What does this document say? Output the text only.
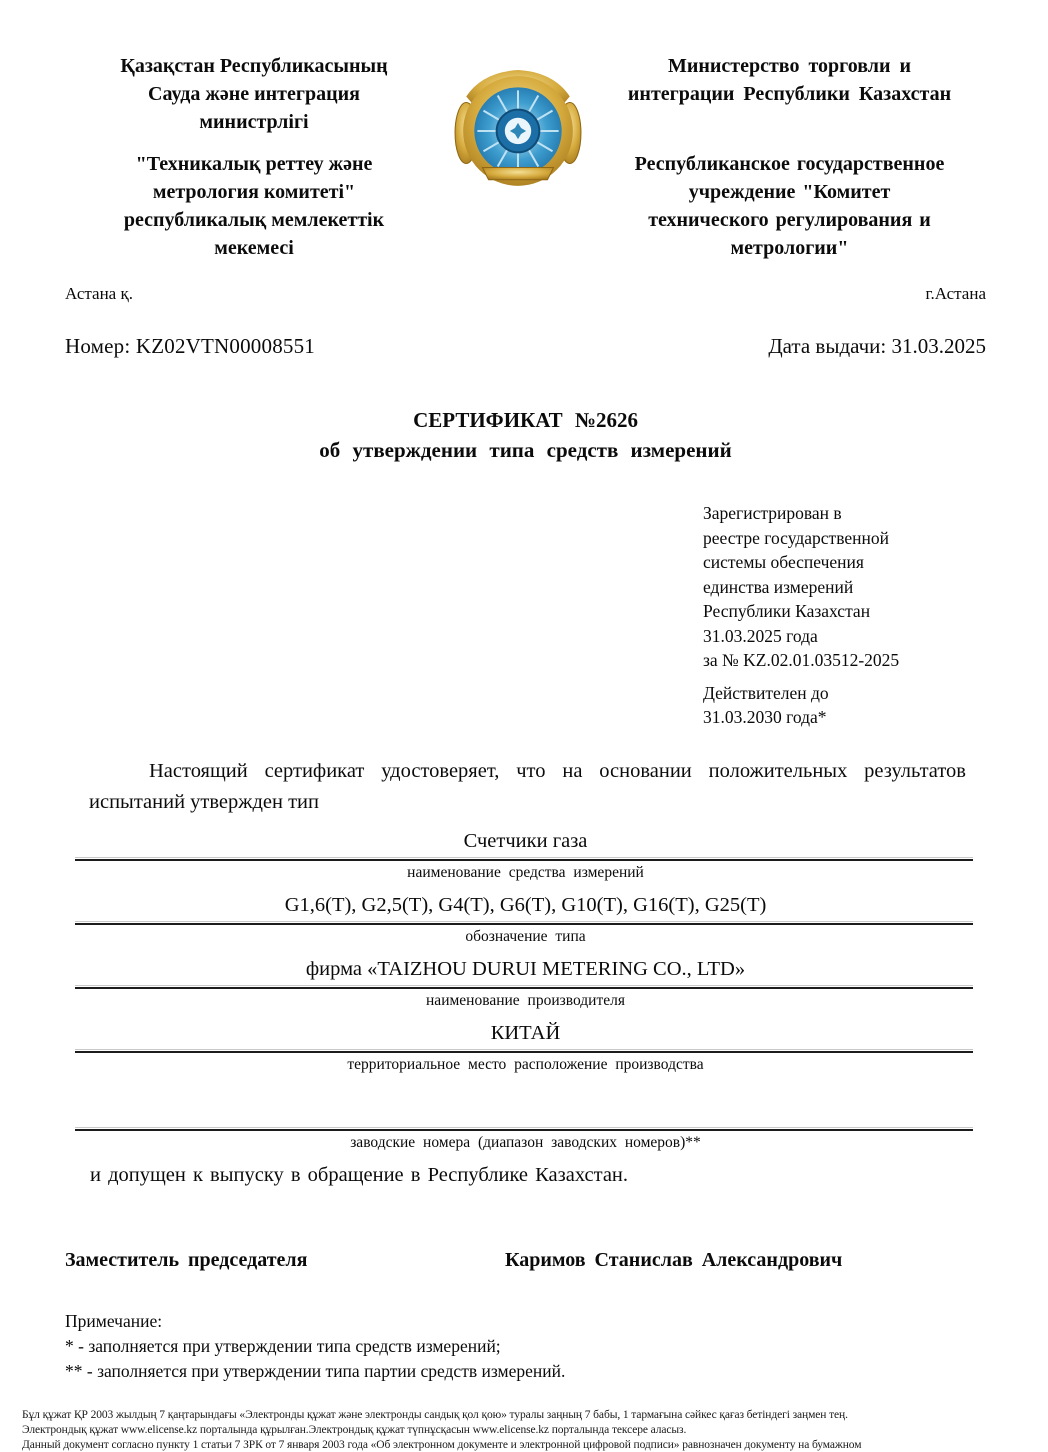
Қазақстан Республикасының
Сауда және интеграция
министрлігі
"Техникалық реттеу және
метрология комитеті"
республикалық мемлекеттік
мекемесі
Министерство торговли и
интеграции Республики Казахстан
Республиканское государственное
учреждение "Комитет
технического регулирования и
метрологии"
Астана қ.	г.Астана
Номер: KZ02VTN00008551	Дата выдачи: 31.03.2025
СЕРТИФИКАТ №2626
об утверждении типа средств измерений
Зарегистрирован в
реестре государственной
системы обеспечения
единства измерений
Республики Казахстан
31.03.2025 года
за № KZ.02.01.03512-2025
Действителен до
31.03.2030 года*

Настоящий сертификат удостоверяет, что на основании положительных результатов испытаний утвержден тип

Счетчики газа
наименование средства измерений
G1,6(Т), G2,5(Т), G4(Т), G6(Т), G10(Т), G16(Т), G25(Т)
обозначение типа
фирма «TAIZHOU DURUI METERING CO., LTD»
наименование производителя
КИТАЙ
территориальное место расположение производства
заводские номера (диапазон заводских номеров)**
и допущен к выпуску в обращение в Республике Казахстан.
Заместитель председателя	Каримов Станислав Александрович
Примечание:
* - заполняется при утверждении типа средств измерений;
** - заполняется при утверждении типа партии средств измерений.
Бұл құжат ҚР 2003 жылдың 7 қаңтарындағы «Электронды құжат және электронды сандық қол қою» туралы заңның 7 бабы, 1 тармағына сәйкес қағаз бетіндегі заңмен тең.
Электрондық құжат www.elicense.kz порталында құрылған.Электрондық құжат түпнұсқасын www.elicense.kz порталында тексере аласыз.
Данный документ согласно пункту 1 статьи 7 ЗРК от 7 января 2003 года «Об электронном документе и электронной цифровой подписи» равнозначен документу на бумажном
